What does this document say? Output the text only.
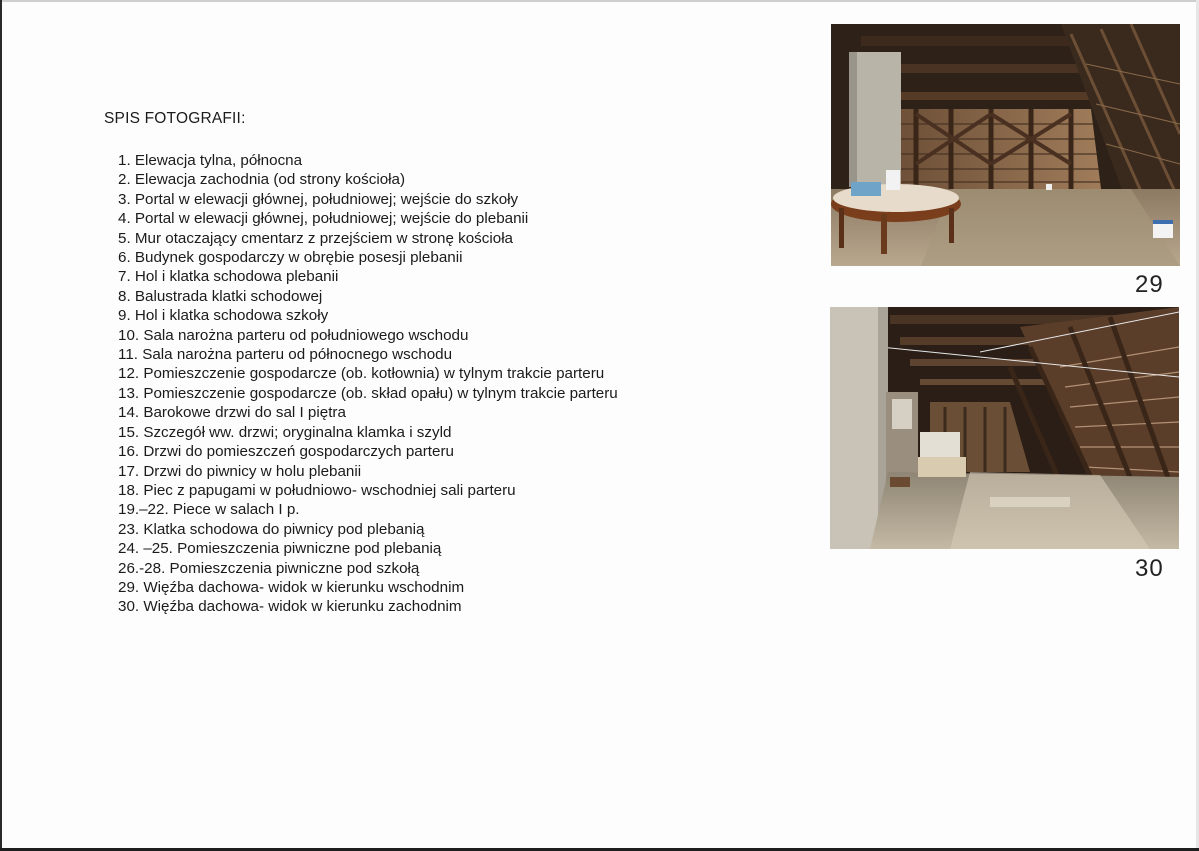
SPIS FOTOGRAFII:
1. Elewacja tylna, północna
2. Elewacja zachodnia (od strony kościoła)
3. Portal w elewacji głównej, południowej; wejście do szkoły
4. Portal w elewacji głównej, południowej; wejście do plebanii
5. Mur otaczający cmentarz z przejściem w stronę kościoła
6. Budynek gospodarczy w obrębie posesji plebanii
7. Hol i klatka schodowa plebanii
8. Balustrada klatki schodowej
9. Hol i klatka schodowa szkoły
10. Sala narożna parteru od południowego wschodu
11. Sala narożna parteru od północnego wschodu
12. Pomieszczenie gospodarcze (ob. kotłownia) w tylnym trakcie parteru
13. Pomieszczenie gospodarcze (ob. skład opału) w tylnym trakcie parteru
14. Barokowe drzwi do sal I piętra
15. Szczegół ww. drzwi; oryginalna klamka i szyld
16. Drzwi do pomieszczeń gospodarczych parteru
17. Drzwi do piwnicy w holu plebanii
18. Piec z papugami w południowo- wschodniej sali parteru
19.–22. Piece w salach I p.
23. Klatka schodowa do piwnicy pod plebanią
24. –25. Pomieszczenia piwniczne pod plebanią
26.-28. Pomieszczenia piwniczne pod szkołą
29. Więźba dachowa- widok w kierunku wschodnim
30. Więźba dachowa- widok w kierunku zachodnim
29
30
